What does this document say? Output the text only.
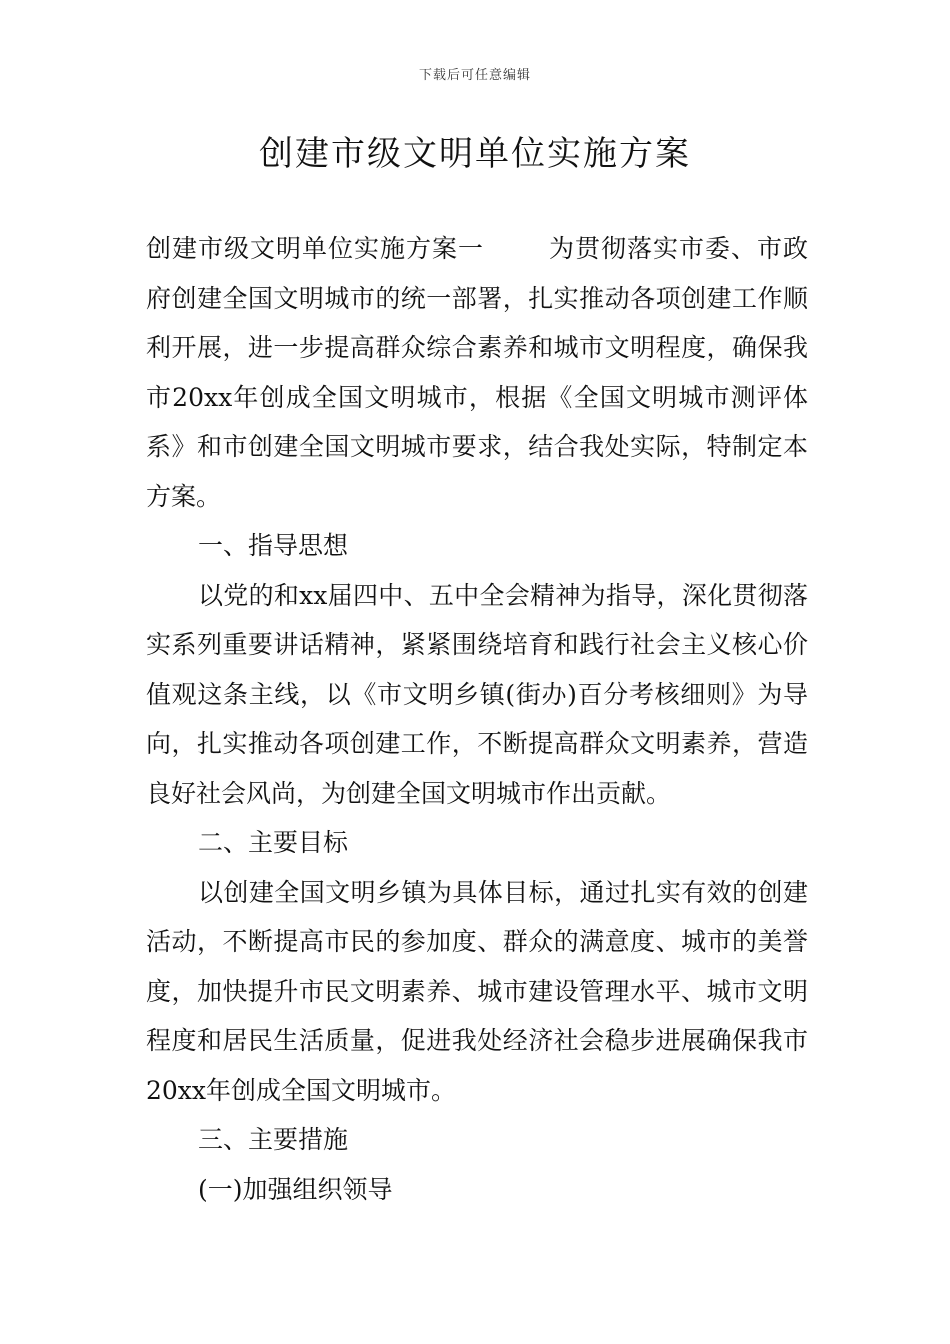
下载后可任意编辑
创建市级文明单位实施方案

创建市级文明单位实施方案一	为贯彻落实市委、市政府创建全国文明城市的统一部署，扎实推动各项创建工作顺利开展，进一步提高群众综合素养和城市文明程度，确保我市20xx年创成全国文明城市，根据《全国文明城市测评体系》和市创建全国文明城市要求，结合我处实际，特制定本方案。

一、指导思想

以党的和xx届四中、五中全会精神为指导，深化贯彻落实系列重要讲话精神，紧紧围绕培育和践行社会主义核心价值观这条主线，以《市文明乡镇(街办)百分考核细则》为导向，扎实推动各项创建工作，不断提高群众文明素养，营造良好社会风尚，为创建全国文明城市作出贡献。

二、主要目标

以创建全国文明乡镇为具体目标，通过扎实有效的创建活动，不断提高市民的参加度、群众的满意度、城市的美誉度，加快提升市民文明素养、城市建设管理水平、城市文明程度和居民生活质量，促进我处经济社会稳步进展确保我市20xx年创成全国文明城市。

三、主要措施

(一)加强组织领导
